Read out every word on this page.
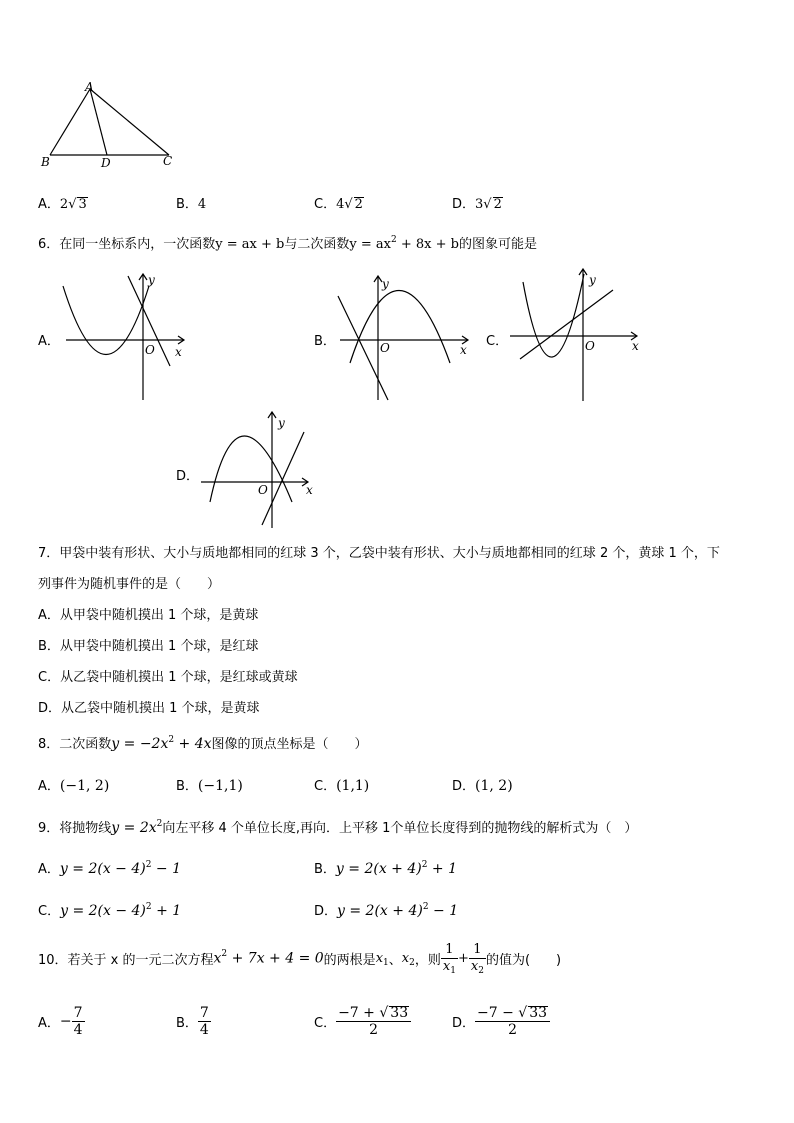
A
B	D	C
A．2√ 3	B．4	C．4√ 2	D．3√ 2
6．在同一坐标系内，一次函数y = ax + b与二次函数$y = ax^2 + 8x + b$的图象可能是
A．
y
x
O
B．
y
x
O	C．
y
x
O
D．
y
x
O
7．甲袋中装有形状、大小与质地都相同的红球 3 个，乙袋中装有形状、大小与质地都相同的红球 2 个，黄球 1 个，下
列事件为随机事件的是（　　）
A．从甲袋中随机摸出 1 个球，是黄球
B．从甲袋中随机摸出 1 个球，是红球
C．从乙袋中随机摸出 1 个球，是红球或黄球
D．从乙袋中随机摸出 1 个球，是黄球
8．二次函数$y = -2x^2 + 4x$图像的顶点坐标是（　　）
A．(−1, 2)	B．(−1,1)	C．(1,1)	D．(1, 2)
9．将抛物线$y = 2x^2$向左平移 4 个单位长度,再向．上平移 1个单位长度得到的抛物线的解析式为（　）
A．$y = 2(x - 4)^2 - 1$	B．$y = 2(x + 4)^2 + 1$
C．$y = 2(x - 4)^2 + 1$	D．$y = 2(x + 4)^2 - 1$
10．若关于 x 的一元二次方程$x^2 + 7x + 4 = 0$的两根是$x_1$、$x_2$，则 $\frac{1}{x_1} + \frac{1}{x_2}$ 的值为(　　)
A．− $\frac{7}{4}$	B． $\frac{7}{4}$	C． $\frac{-7 + √ 33}{2}$	D． $\frac{-7 - √ 33}{2}$
